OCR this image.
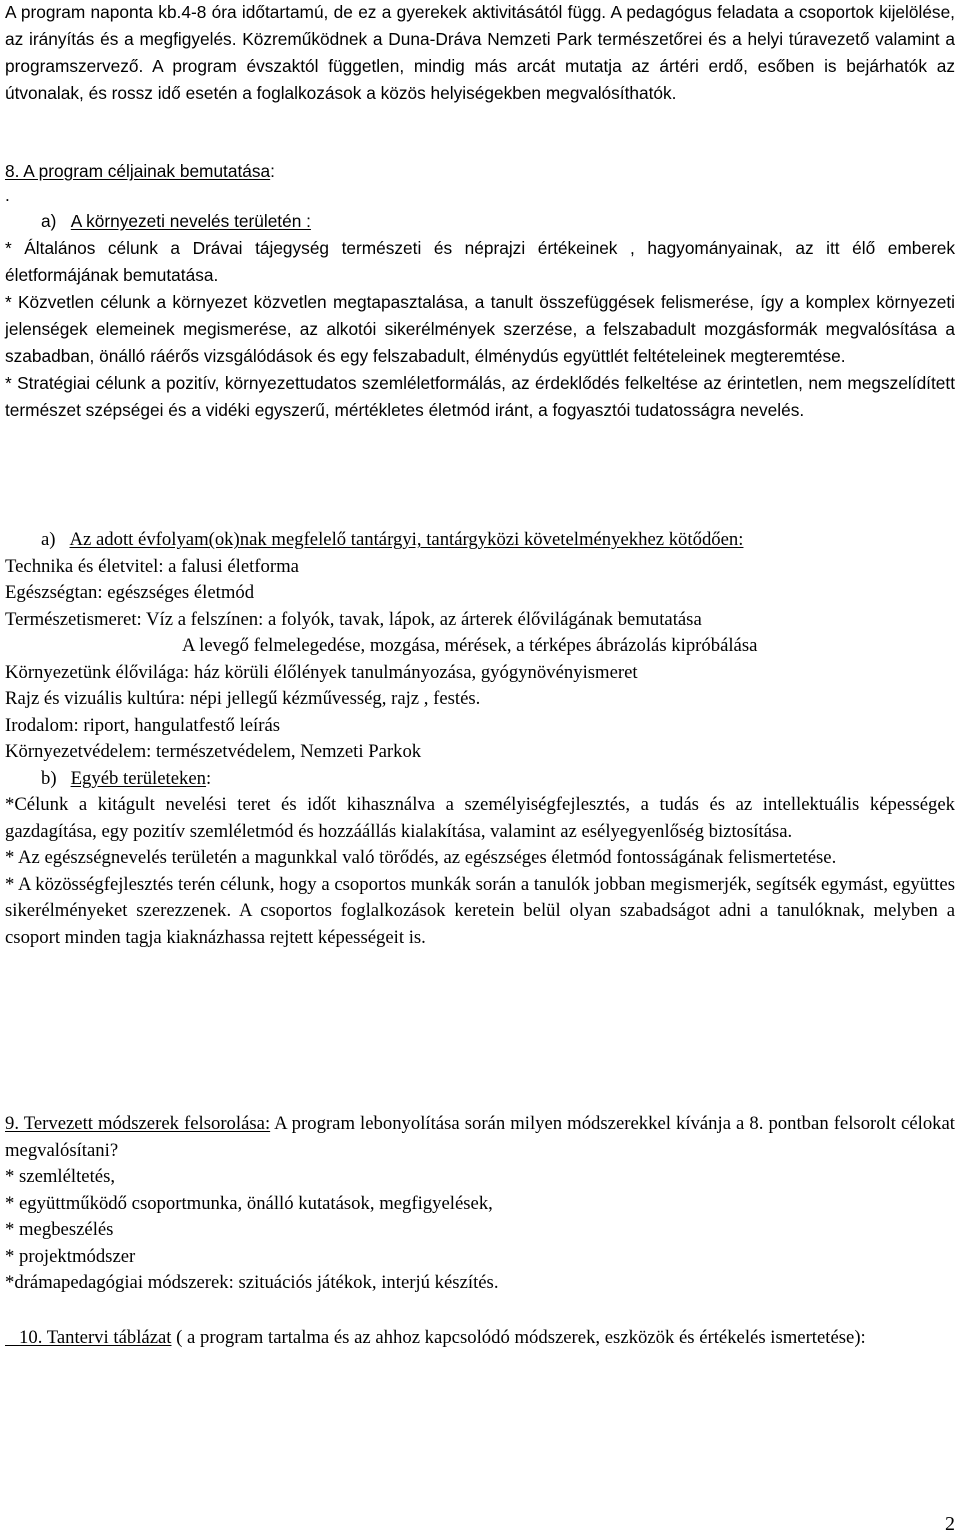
A program naponta kb.4-8 óra időtartamú, de ez a gyerekek aktivitásától függ. A pedagógus feladata a csoportok kijelölése, az irányítás és a megfigyelés. Közreműködnek a Duna-Dráva Nemzeti Park természetőrei és a helyi túravezető valamint a programszervező. A program évszaktól független, mindig más arcát mutatja az ártéri erdő, esőben is bejárhatók az útvonalak, és rossz idő esetén a foglalkozások a közös helyiségekben megvalósíthatók.

8. A program céljainak bemutatása:

.

a) A környezeti nevelés területén :

* Általános célunk a Drávai tájegység természeti és néprajzi értékeinek , hagyományainak, az itt élő emberek életformájának bemutatása.

* Közvetlen célunk a környezet közvetlen megtapasztalása, a tanult összefüggések felismerése, így a komplex környezeti jelenségek elemeinek megismerése, az alkotói sikerélmények szerzése, a felszabadult mozgásformák megvalósítása a szabadban, önálló ráérős vizsgálódások és egy felszabadult, élménydús együttlét feltételeinek megteremtése.

* Stratégiai célunk a pozitív, környezettudatos szemléletformálás, az érdeklődés felkeltése az érintetlen, nem megszelídített természet szépségei és a vidéki egyszerű, mértékletes életmód iránt, a fogyasztói tudatosságra nevelés.

a) Az adott évfolyam(ok)nak megfelelő tantárgyi, tantárgyközi követelményekhez kötődően:

Technika és életvitel: a falusi életforma

Egészségtan: egészséges életmód

Természetismeret: Víz a felszínen: a folyók, tavak, lápok, az árterek élővilágának bemutatása

A levegő felmelegedése, mozgása, mérések, a térképes ábrázolás kipróbálása

Környezetünk élővilága: ház körüli élőlények tanulmányozása, gyógynövényismeret

Rajz és vizuális kultúra: népi jellegű kézművesség, rajz , festés.

Irodalom: riport, hangulatfestő leírás

Környezetvédelem: természetvédelem, Nemzeti Parkok

b) Egyéb területeken:

*Célunk a kitágult nevelési teret és időt kihasználva a személyiségfejlesztés, a tudás és az intellektuális képességek gazdagítása, egy pozitív szemléletmód és hozzáállás kialakítása, valamint az esélyegyenlőség biztosítása.

* Az egészségnevelés területén a magunkkal való törődés, az egészséges életmód fontosságának felismertetése.

* A közösségfejlesztés terén célunk, hogy a csoportos munkák során a tanulók jobban megismerjék, segítsék egymást, együttes sikerélményeket szerezzenek. A csoportos foglalkozások keretein belül olyan szabadságot adni a tanulóknak, melyben a csoport minden tagja kiaknázhassa rejtett képességeit is.

9. Tervezett módszerek felsorolása: A program lebonyolítása során milyen módszerekkel kívánja a 8. pontban felsorolt célokat megvalósítani?

* szemléltetés,

* együttműködő csoportmunka, önálló kutatások, megfigyelések,

* megbeszélés

* projektmódszer

*drámapedagógiai módszerek: szituációs játékok, interjú készítés.

10. Tantervi táblázat ( a program tartalma és az ahhoz kapcsolódó módszerek, eszközök és értékelés ismertetése):

2
